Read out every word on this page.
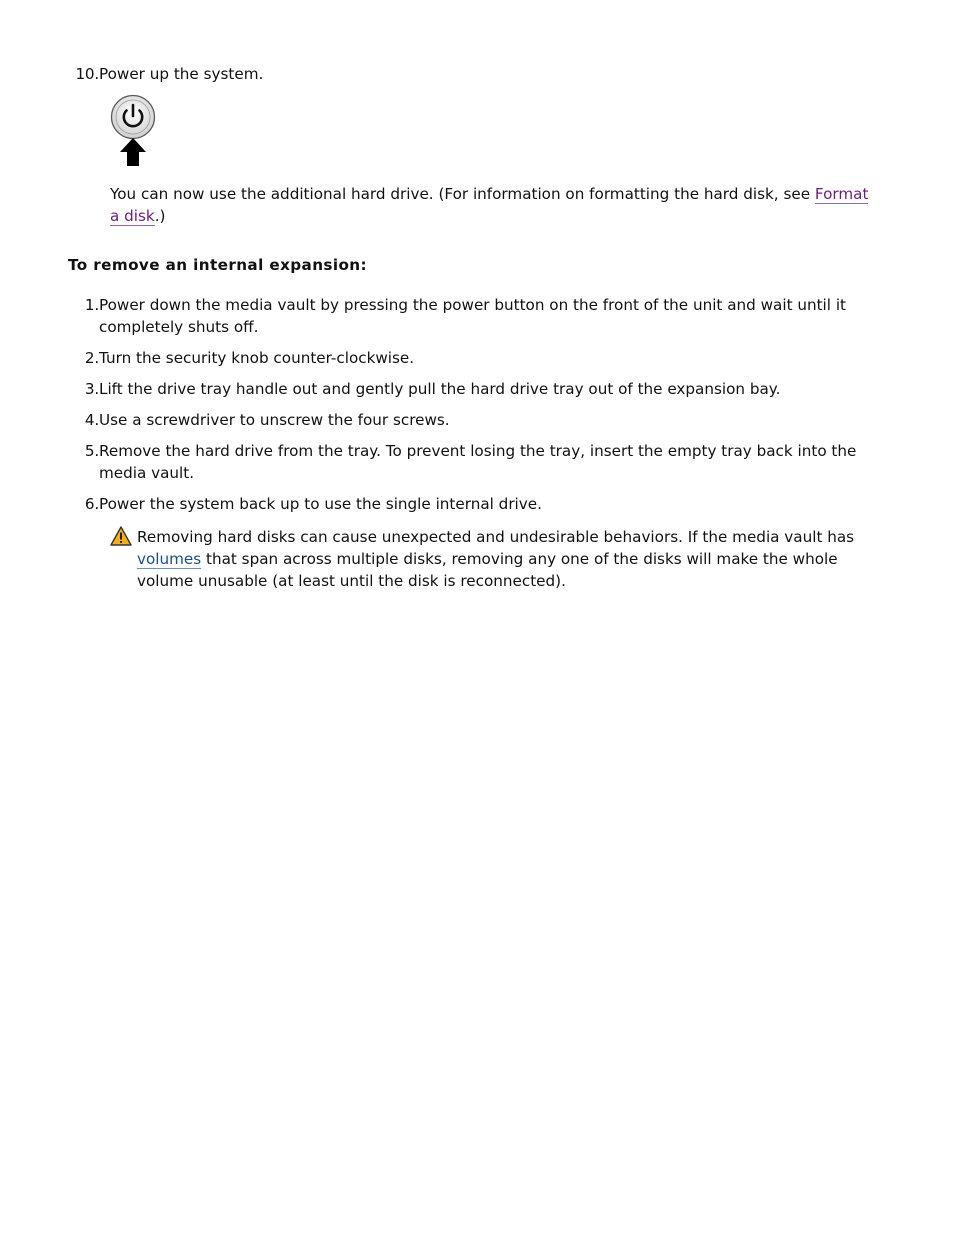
10. Power up the system.
You can now use the additional hard drive. (For information on formatting the hard disk, see Format a disk.)
To remove an internal expansion:
1. Power down the media vault by pressing the power button on the front of the unit and wait until it completely shuts off.
2. Turn the security knob counter-clockwise.
3. Lift the drive tray handle out and gently pull the hard drive tray out of the expansion bay.
4. Use a screwdriver to unscrew the four screws.
5. Remove the hard drive from the tray. To prevent losing the tray, insert the empty tray back into the media vault.
6. Power the system back up to use the single internal drive.
Removing hard disks can cause unexpected and undesirable behaviors. If the media vault has volumes that span across multiple disks, removing any one of the disks will make the whole volume unusable (at least until the disk is reconnected).
